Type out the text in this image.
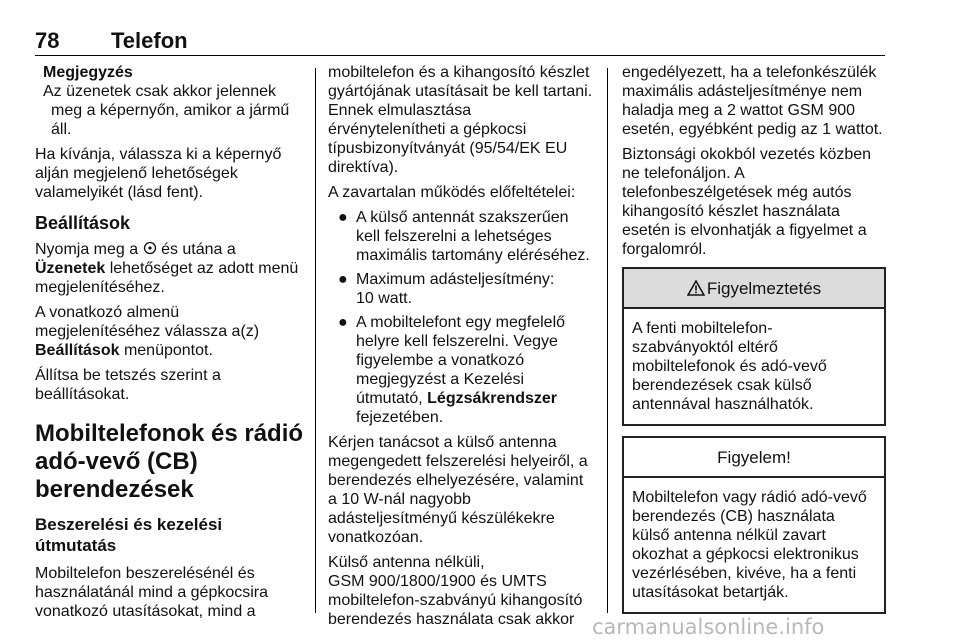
78 Telefon
Megjegyzés
Az üzenetek csak akkor jelennek
meg a képernyőn, amikor a jármű
áll.

Ha kívánja, válassza ki a képernyő
alján megjelenő lehetőségek
valamelyikét (lásd fent).

Beállítások

Nyomja meg a és utána a
Üzenetek lehetőséget az adott menü
megjelenítéséhez.

A vonatkozó almenü
megjelenítéséhez válassza a(z)
Beállítások menüpontot.

Állítsa be tetszés szerint a
beállításokat.

Mobiltelefonok és rádió
adó-vevő (CB)
berendezések
Beszerelési és kezelési
útmutatás

Mobiltelefon beszerelésénél és
használatánál mind a gépkocsira
vonatkozó utasításokat, mind a

mobiltelefon és a kihangosító készlet
gyártójának utasításait be kell tartani.
Ennek elmulasztása
érvénytelenítheti a gépkocsi
típusbizonyítványát (95/54/EK EU
direktíva).

A zavartalan működés előfeltételei:

● A külső antennát szakszerűen
kell felszerelni a lehetséges
maximális tartomány eléréséhez.
● Maximum adásteljesítmény:
10 watt.
● A mobiltelefont egy megfelelő
helyre kell felszerelni. Vegye
figyelembe a vonatkozó
megjegyzést a Kezelési
útmutató, Légzsákrendszer
fejezetében.

Kérjen tanácsot a külső antenna
megengedett felszerelési helyeiről, a
berendezés elhelyezésére, valamint
a 10 W-nál nagyobb
adásteljesítményű készülékekre
vonatkozóan.

Külső antenna nélküli,
GSM 900/1800/1900 és UMTS
mobiltelefon-szabványú kihangosító
berendezés használata csak akkor

engedélyezett, ha a telefonkészülék
maximális adásteljesítménye nem
haladja meg a 2 wattot GSM 900
esetén, egyébként pedig az 1 wattot.

Biztonsági okokból vezetés közben
ne telefonáljon. A
telefonbeszélgetések még autós
kihangosító készlet használata
esetén is elvonhatják a figyelmet a
forgalomról.

Figyelmeztetés
A fenti mobiltelefon-
szabványoktól eltérő
mobiltelefonok és adó-vevő
berendezések csak külső
antennával használhatók.
Figyelem!
Mobiltelefon vagy rádió adó-vevő
berendezés (CB) használata
külső antenna nélkül zavart
okozhat a gépkocsi elektronikus
vezérlésében, kivéve, ha a fenti
utasításokat betartják.
carmanualsonline.info
